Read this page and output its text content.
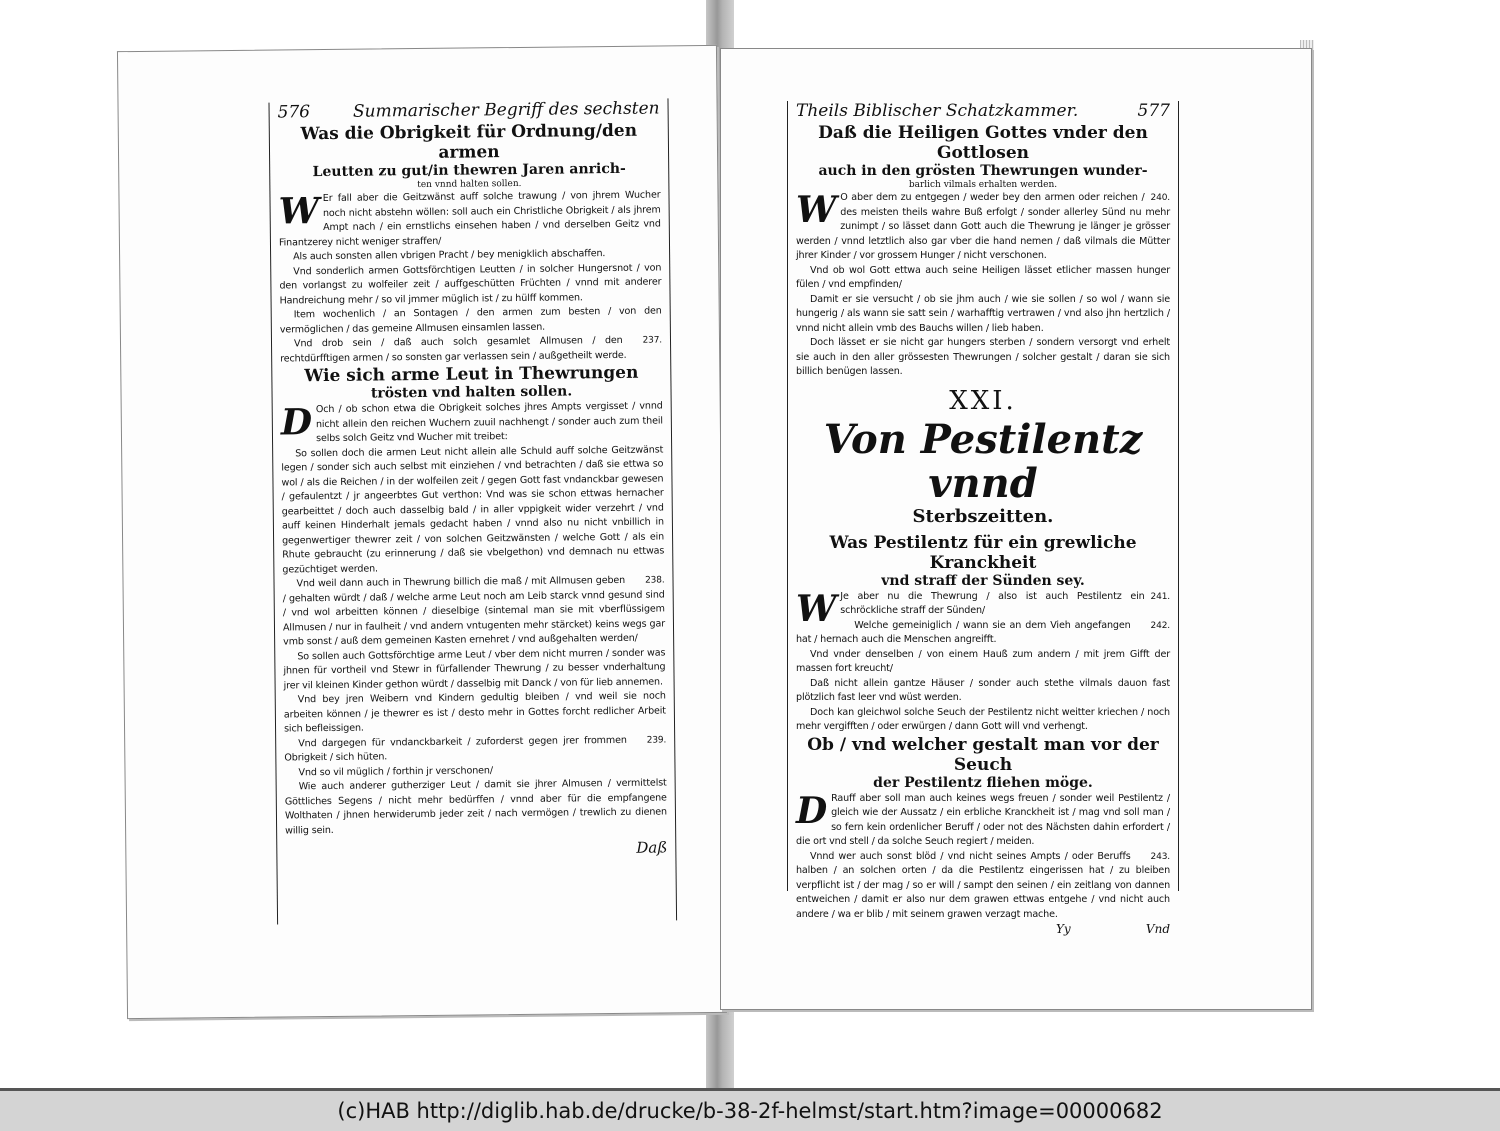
576	Summarischer Begriff des sechsten
Was die Obrigkeit für Ordnung/den armen
Leutten zu gut/in thewren Jaren anrich-
ten vnnd halten sollen.

W Er fall aber die Geitzwänst auff solche trawung / von jhrem Wucher noch nicht abstehn wöllen: soll auch ein Christliche Obrigkeit / als jhrem Ampt nach / ein ernstlichs einsehen haben / vnd derselben Geitz vnd Finantzerey nicht weniger straffen/

Als auch sonsten allen vbrigen Pracht / bey menigklich abschaffen.

Vnd sonderlich armen Gottsförchtigen Leutten / in solcher Hungersnot / von den vorlangst zu wolfeiler zeit / auffgeschütten Früchten / vnnd mit anderer Handreichung mehr / so vil jmmer müglich ist / zu hülff kommen.

Item wochenlich / an Sontagen / den armen zum besten / von den vermöglichen / das gemeine Allmusen einsamlen lassen.

237.
Vnd drob sein / daß auch solch gesamlet Allmusen / den rechtdürfftigen armen / so sonsten gar verlassen sein / außgetheilt werde.

Wie sich arme Leut in Thewrungen
trösten vnd halten sollen.

D Och / ob schon etwa die Obrigkeit solches jhres Ampts vergisset / vnnd nicht allein den reichen Wuchern zuuil nachhengt / sonder auch zum theil selbs solch Geitz vnd Wucher mit treibet:

So sollen doch die armen Leut nicht allein alle Schuld auff solche Geitzwänst legen / sonder sich auch selbst mit einziehen / vnd betrachten / daß sie ettwa so wol / als die Reichen / in der wolfeilen zeit / gegen Gott fast vndanckbar gewesen / gefaulentzt / jr angeerbtes Gut verthon: Vnd was sie schon ettwas hernacher gearbeittet / doch auch dasselbig bald / in aller vppigkeit wider verzehrt / vnd auff keinen Hinderhalt jemals gedacht haben / vnnd also nu nicht vnbillich in gegenwertiger thewrer zeit / von solchen Geitzwänsten / welche Gott / als ein Rhute gebraucht (zu erinnerung / daß sie vbelgethon) vnd demnach nu ettwas gezüchtiget werden.

238.
Vnd weil dann auch in Thewrung billich die maß / mit Allmusen geben / gehalten würdt / daß / welche arme Leut noch am Leib starck vnnd gesund sind / vnd wol arbeitten können / dieselbige (sintemal man sie mit vberflüssigem Allmusen / nur in faulheit / vnd andern vntugenten mehr stärcket) keins wegs gar vmb sonst / auß dem gemeinen Kasten ernehret / vnd außgehalten werden/

So sollen auch Gottsförchtige arme Leut / vber dem nicht murren / sonder was jhnen für vortheil vnd Stewr in fürfallender Thewrung / zu besser vnderhaltung jrer vil kleinen Kinder gethon würdt / dasselbig mit Danck / von für lieb annemen.

Vnd bey jren Weibern vnd Kindern gedultig bleiben / vnd weil sie noch arbeiten können / je thewrer es ist / desto mehr in Gottes forcht redlicher Arbeit sich befleissigen.

239.
Vnd dargegen für vndanckbarkeit / zuforderst gegen jrer frommen Obrigkeit / sich hüten.

Vnd so vil müglich / forthin jr verschonen/

Wie auch anderer gutherziger Leut / damit sie jhrer Almusen / vermittelst Göttliches Segens / nicht mehr bedürffen / vnnd aber für die empfangene Wolthaten / jhnen herwiderumb jeder zeit / nach vermögen / trewlich zu dienen willig sein.

Daß
Theils Biblischer Schatzkammer.	577
Daß die Heiligen Gottes vnder den Gottlosen
auch in den grösten Thewrungen wunder-
barlich vilmals erhalten werden.

W	240.
O aber dem zu entgegen / weder bey den armen oder reichen / des meisten theils wahre Buß erfolgt / sonder allerley Sünd nu mehr zunimpt / so lässet dann Gott auch die Thewrung je länger je grösser werden / vnnd letztlich also gar vber die hand nemen / daß vilmals die Mütter jhrer Kinder / vor grossem Hunger / nicht verschonen.

Vnd ob wol Gott ettwa auch seine Heiligen lässet etlicher massen hunger fülen / vnd empfinden/

Damit er sie versucht / ob sie jhm auch / wie sie sollen / so wol / wann sie hungerig / als wann sie satt sein / warhafftig vertrawen / vnd also jhn hertzlich / vnnd nicht allein vmb des Bauchs willen / lieb haben.

Doch lässet er sie nicht gar hungers sterben / sondern versorgt vnd erhelt sie auch in den aller grössesten Thewrungen / solcher gestalt / daran sie sich billich benügen lassen.

XXI.
Von Pestilentz vnnd
Sterbszeitten.
Was Pestilentz für ein grewliche Kranckheit
vnd straff der Sünden sey.

W	241.
Je aber nu die Thewrung / also ist auch Pestilentz ein schröckliche straff der Sünden/

242.
Welche gemeiniglich / wann sie an dem Vieh angefangen hat / hernach auch die Menschen angreifft.

Vnd vnder denselben / von einem Hauß zum andern / mit jrem Gifft der massen fort kreucht/

Daß nicht allein gantze Häuser / sonder auch stethe vilmals dauon fast plötzlich fast leer vnd wüst werden.

Doch kan gleichwol solche Seuch der Pestilentz nicht weitter kriechen / noch mehr vergifften / oder erwürgen / dann Gott will vnd verhengt.

Ob / vnd welcher gestalt man vor der Seuch
der Pestilentz fliehen möge.

D Rauff aber soll man auch keines wegs freuen / sonder weil Pestilentz / gleich wie der Aussatz / ein erbliche Kranckheit ist / mag vnd soll man / so fern kein ordenlicher Beruff / oder not des Nächsten dahin erfordert / die ort vnd stell / da solche Seuch regiert / meiden.

243.
Vnnd wer auch sonst blöd / vnd nicht seines Ampts / oder Beruffs halben / an solchen orten / da die Pestilentz eingerissen hat / zu bleiben verpflicht ist / der mag / so er will / sampt den seinen / ein zeitlang von dannen entweichen / damit er also nur dem grawen ettwas entgehe / vnd nicht auch andere / wa er blib / mit seinem grawen verzagt mache.

Yy	Vnd
(c)HAB http://diglib.hab.de/drucke/b-38-2f-helmst/start.htm?image=00000682
